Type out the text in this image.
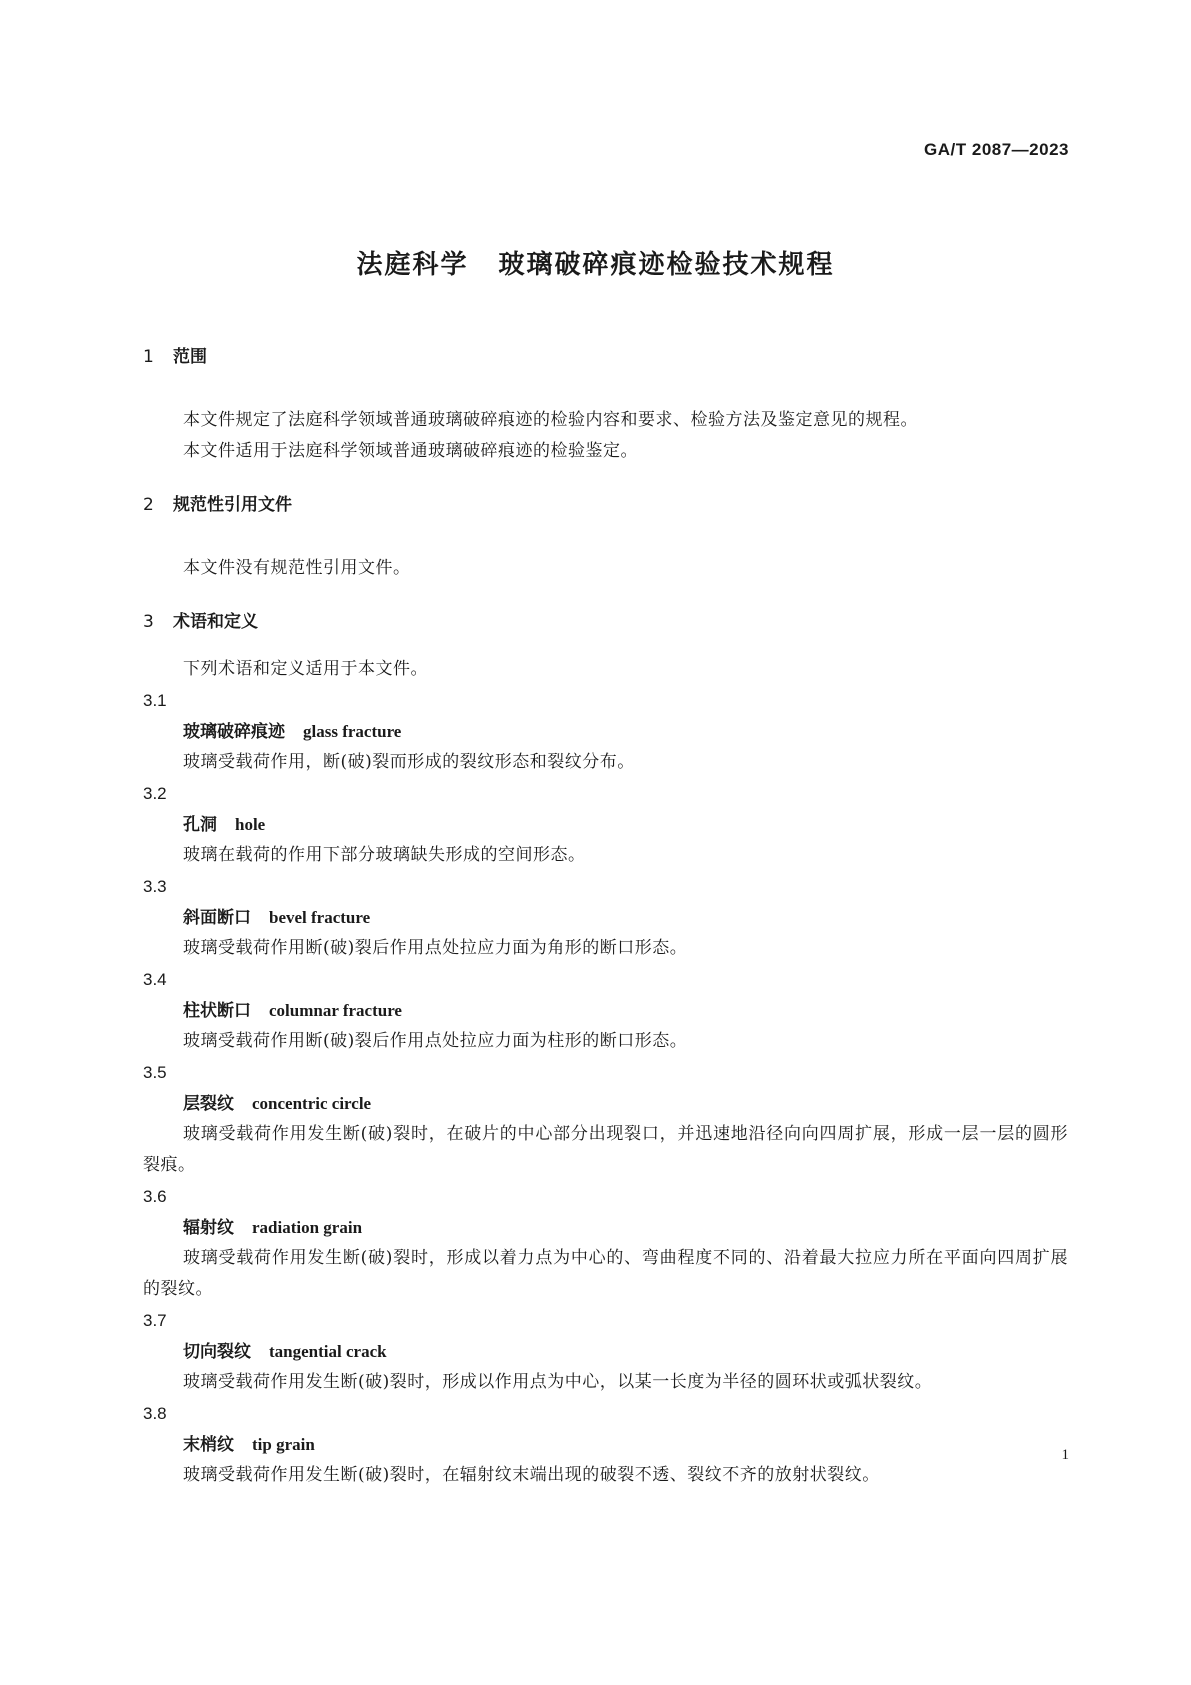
GA/T 2087—2023
法庭科学 玻璃破碎痕迹检验技术规程
1 范围
本文件规定了法庭科学领域普通玻璃破碎痕迹的检验内容和要求、检验方法及鉴定意见的规程。
本文件适用于法庭科学领域普通玻璃破碎痕迹的检验鉴定。
2 规范性引用文件
本文件没有规范性引用文件。
3 术语和定义
下列术语和定义适用于本文件。
3.1
玻璃破碎痕迹 glass fracture
玻璃受载荷作用，断(破)裂而形成的裂纹形态和裂纹分布。
3.2
孔洞 hole
玻璃在载荷的作用下部分玻璃缺失形成的空间形态。
3.3
斜面断口 bevel fracture
玻璃受载荷作用断(破)裂后作用点处拉应力面为角形的断口形态。
3.4
柱状断口 columnar fracture
玻璃受载荷作用断(破)裂后作用点处拉应力面为柱形的断口形态。
3.5
层裂纹 concentric circle
玻璃受载荷作用发生断(破)裂时，在破片的中心部分出现裂口，并迅速地沿径向向四周扩展，形成一层一层的圆形裂痕。
3.6
辐射纹 radiation grain
玻璃受载荷作用发生断(破)裂时，形成以着力点为中心的、弯曲程度不同的、沿着最大拉应力所在平面向四周扩展的裂纹。
3.7
切向裂纹 tangential crack
玻璃受载荷作用发生断(破)裂时，形成以作用点为中心，以某一长度为半径的圆环状或弧状裂纹。
3.8
末梢纹 tip grain
玻璃受载荷作用发生断(破)裂时，在辐射纹末端出现的破裂不透、裂纹不齐的放射状裂纹。
1
